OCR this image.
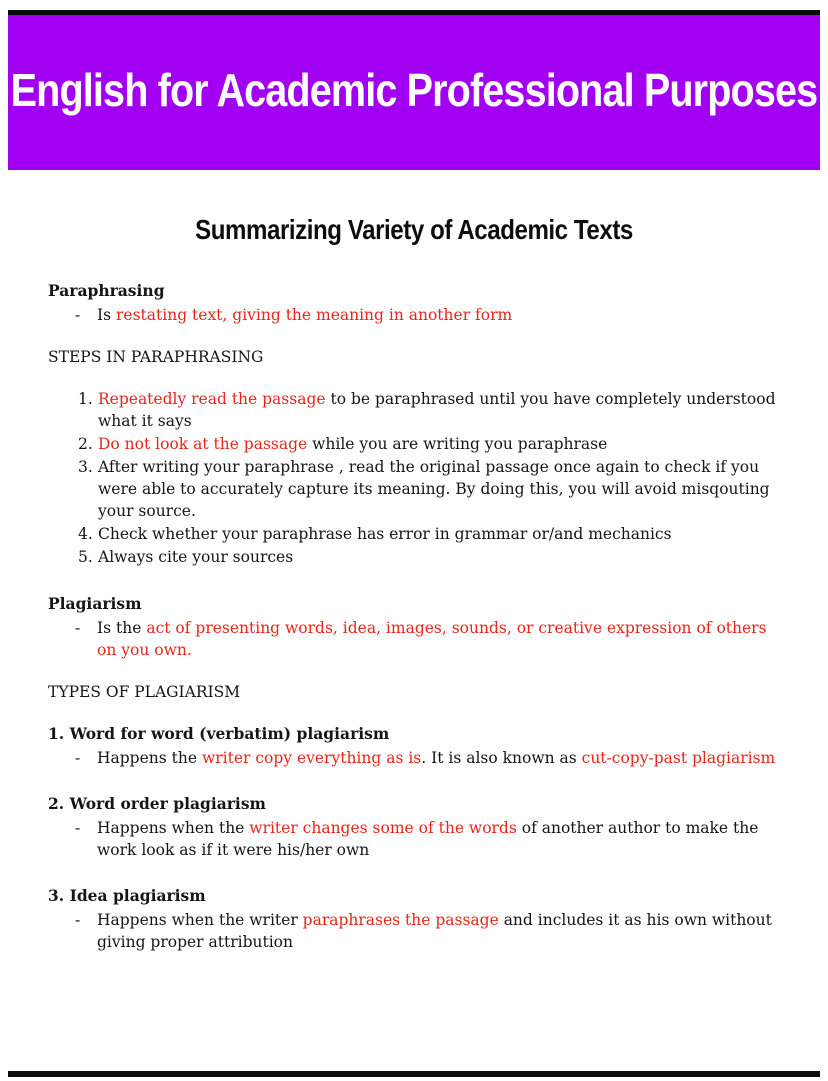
English for Academic Professional Purposes
Summarizing Variety of Academic Texts

Paraphrasing

-	Is restating text, giving the meaning in another form

STEPS IN PARAPHRASING

1. Repeatedly read the passage to be paraphrased until you have completely understood what it says

2. Do not look at the passage while you are writing you paraphrase

3. After writing your paraphrase , read the original passage once again to check if you were able to accurately capture its meaning. By doing this, you will avoid misqouting your source.

4. Check whether your paraphrase has error in grammar or/and mechanics

5. Always cite your sources

Plagiarism

-	Is the act of presenting words, idea, images, sounds, or creative expression of others on you own.

TYPES OF PLAGIARISM

1. Word for word (verbatim) plagiarism

-	Happens the writer copy everything as is. It is also known as cut-copy-past plagiarism

2. Word order plagiarism

-	Happens when the writer changes some of the words of another author to make the work look as if it were his/her own

3. Idea plagiarism

-	Happens when the writer paraphrases the passage and includes it as his own without giving proper attribution
